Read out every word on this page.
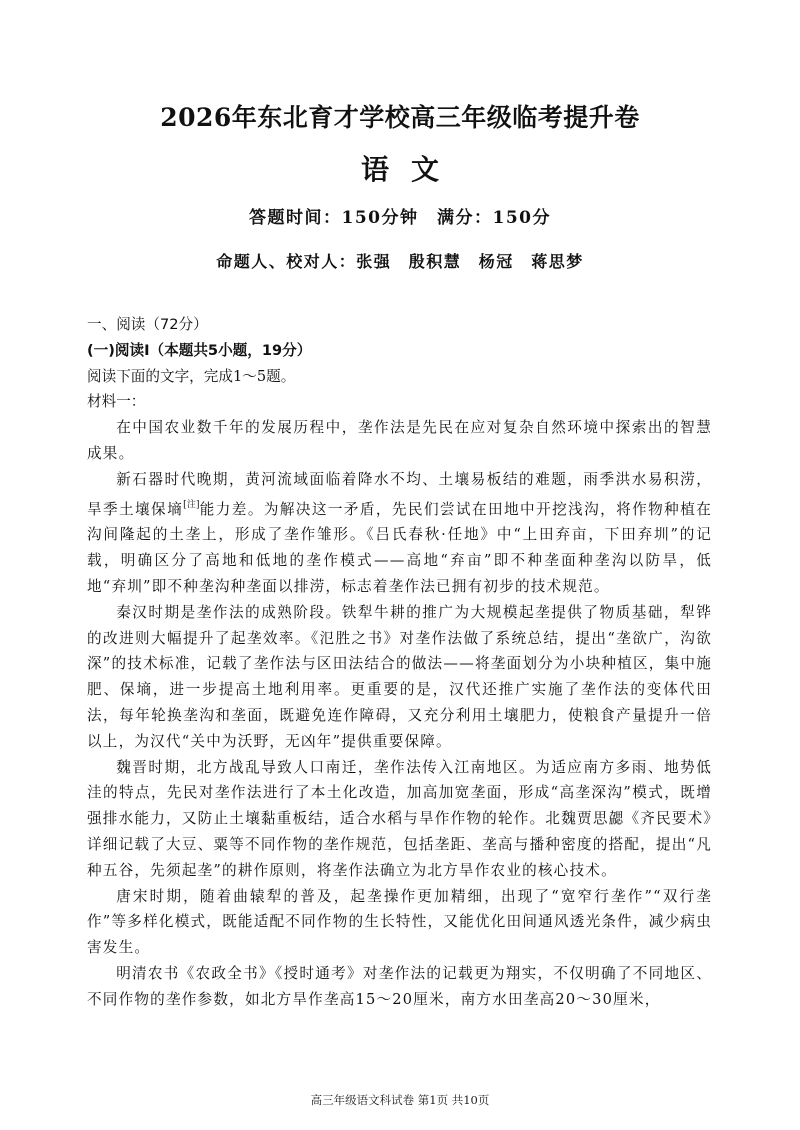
2026年东北育才学校高三年级临考提升卷
语文
答题时间：150分钟　满分：150分
命题人、校对人：张强　殷积慧　杨冠　蒋思梦

一、阅读（72分）

(一)阅读Ⅰ（本题共5小题，19分）

阅读下面的文字，完成1～5题。

材料一：

在中国农业数千年的发展历程中，垄作法是先民在应对复杂自然环境中探索出的智慧成果。

新石器时代晚期，黄河流域面临着降水不均、土壤易板结的难题，雨季洪水易积涝，旱季土壤保墒[注]能力差。为解决这一矛盾，先民们尝试在田地中开挖浅沟，将作物种植在沟间隆起的土垄上，形成了垄作雏形。《吕氏春秋·任地》中“上田弃亩，下田弃圳”的记载，明确区分了高地和低地的垄作模式——高地“弃亩”即不种垄面种垄沟以防旱，低地“弃圳”即不种垄沟种垄面以排涝，标志着垄作法已拥有初步的技术规范。

秦汉时期是垄作法的成熟阶段。铁犁牛耕的推广为大规模起垄提供了物质基础，犁铧的改进则大幅提升了起垄效率。《氾胜之书》对垄作法做了系统总结，提出“垄欲广，沟欲深”的技术标准，记载了垄作法与区田法结合的做法——将垄面划分为小块种植区，集中施肥、保墒，进一步提高土地利用率。更重要的是，汉代还推广实施了垄作法的变体代田法，每年轮换垄沟和垄面，既避免连作障碍，又充分利用土壤肥力，使粮食产量提升一倍以上，为汉代“关中为沃野，无凶年”提供重要保障。

魏晋时期，北方战乱导致人口南迁，垄作法传入江南地区。为适应南方多雨、地势低洼的特点，先民对垄作法进行了本土化改造，加高加宽垄面，形成“高垄深沟”模式，既增强排水能力，又防止土壤黏重板结，适合水稻与旱作作物的轮作。北魏贾思勰《齐民要术》详细记载了大豆、粟等不同作物的垄作规范，包括垄距、垄高与播种密度的搭配，提出“凡种五谷，先须起垄”的耕作原则，将垄作法确立为北方旱作农业的核心技术。

唐宋时期，随着曲辕犁的普及，起垄操作更加精细，出现了“宽窄行垄作”“双行垄作”等多样化模式，既能适配不同作物的生长特性，又能优化田间通风透光条件，减少病虫害发生。

明清农书《农政全书》《授时通考》对垄作法的记载更为翔实，不仅明确了不同地区、不同作物的垄作参数，如北方旱作垄高15～20厘米，南方水田垄高20～30厘米，

高三年级语文科试卷 第1页 共10页
